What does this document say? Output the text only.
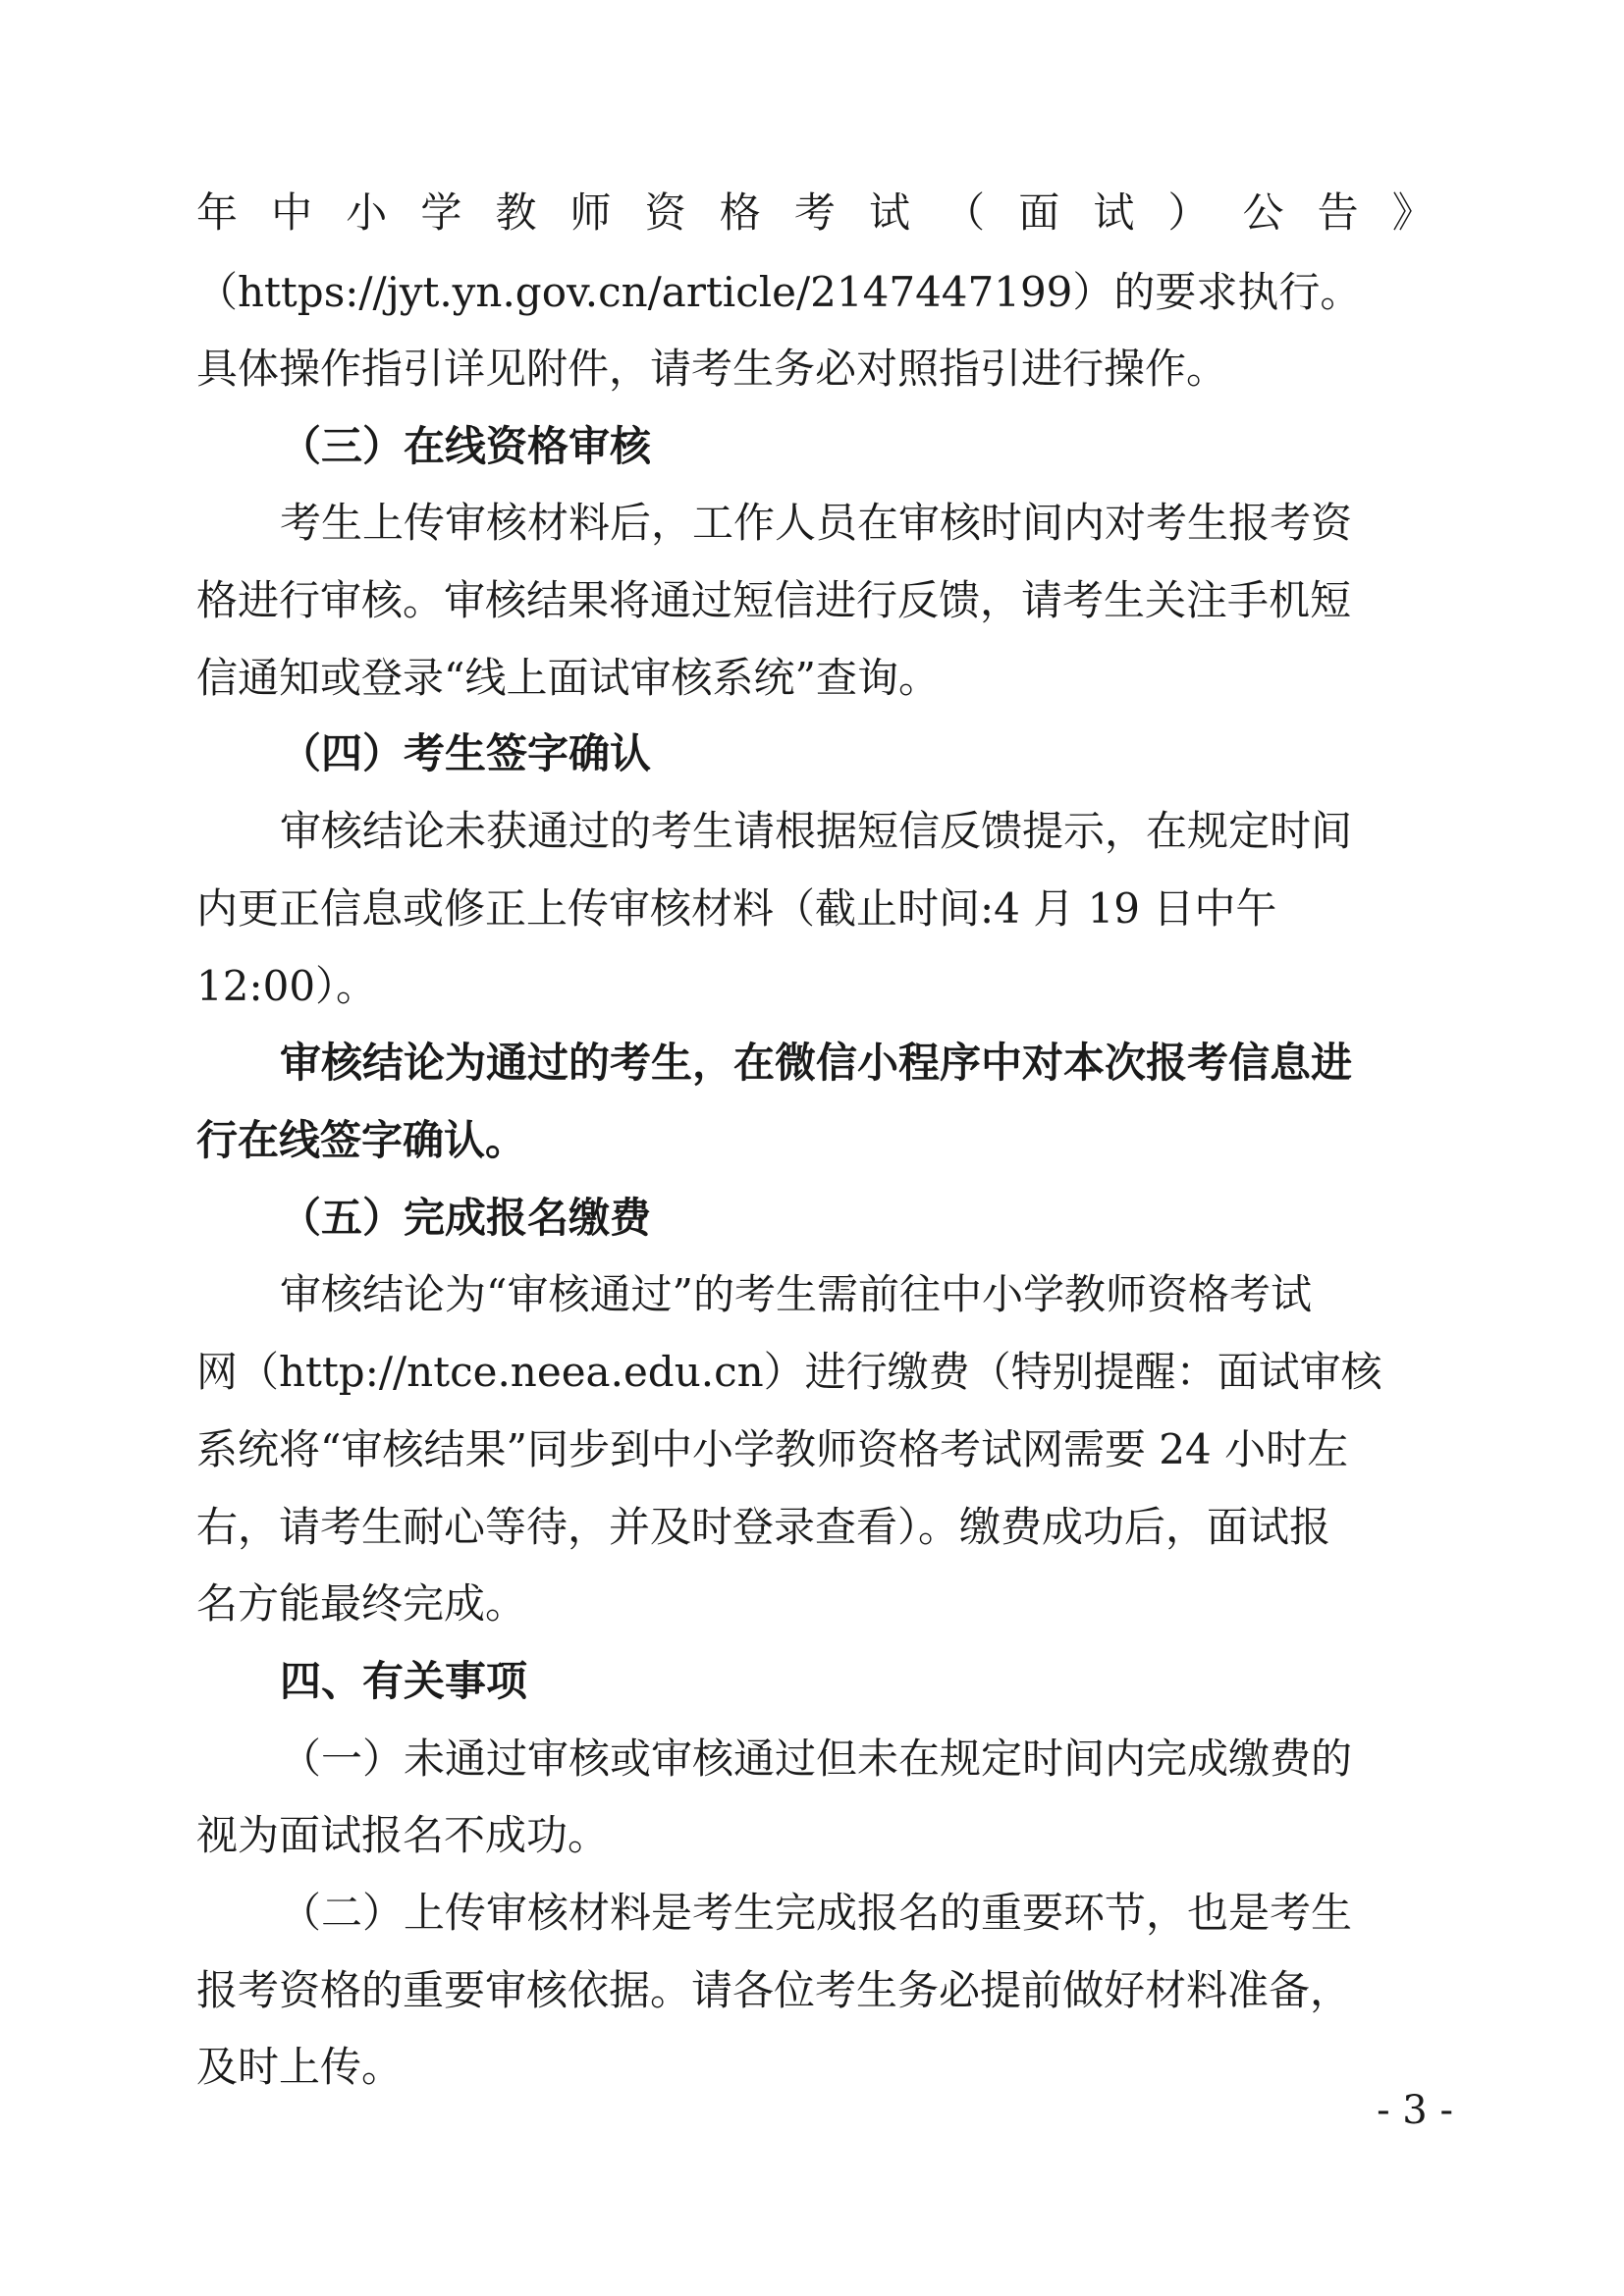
年 中 小 学 教 师 资 格 考 试 （ 面 试 ） 公 告 》
（https://jyt.yn.gov.cn/article/2147447199）的要求执行。
具体操作指引详见附件，请考生务必对照指引进行操作。
（三）在线资格审核
考生上传审核材料后，工作人员在审核时间内对考生报考资
格进行审核。审核结果将通过短信进行反馈，请考生关注手机短
信通知或登录“线上面试审核系统”查询。
（四）考生签字确认
审核结论未获通过的考生请根据短信反馈提示，在规定时间
内更正信息或修正上传审核材料（截止时间:4 月 19 日中午
12:00）。
审核结论为通过的考生，在微信小程序中对本次报考信息进
行在线签字确认。
（五）完成报名缴费
审核结论为“审核通过”的考生需前往中小学教师资格考试
网（http://ntce.neea.edu.cn）进行缴费（特别提醒：面试审核
系统将“审核结果”同步到中小学教师资格考试网需要 24 小时左
右，请考生耐心等待，并及时登录查看）。缴费成功后，面试报
名方能最终完成。
四、有关事项
（一）未通过审核或审核通过但未在规定时间内完成缴费的
视为面试报名不成功。
（二）上传审核材料是考生完成报名的重要环节，也是考生
报考资格的重要审核依据。请各位考生务必提前做好材料准备，
及时上传。
- 3 -
